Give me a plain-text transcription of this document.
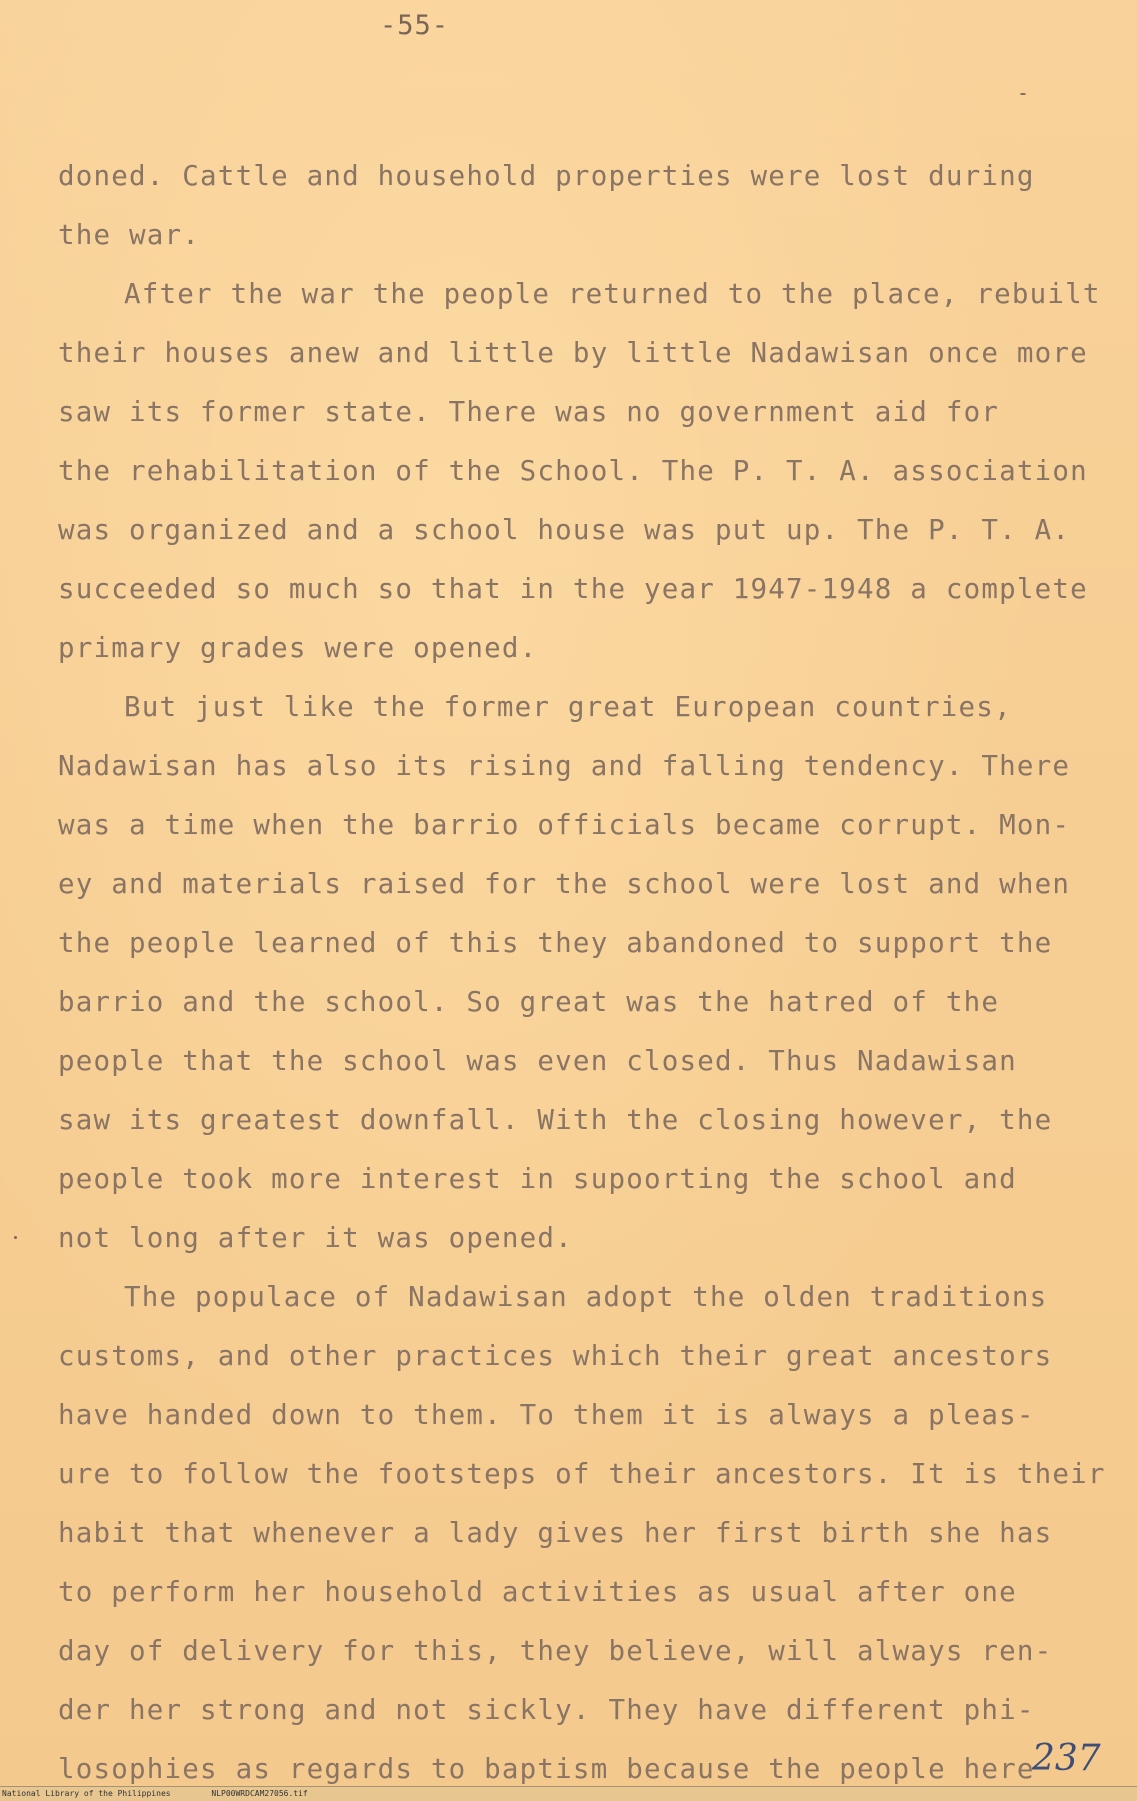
-55-
doned. Cattle and household properties were lost during
the war.
After the war the people returned to the place, rebuilt
their houses anew and little by little Nadawisan once more
saw its former state. There was no government aid for
the rehabilitation of the School. The P. T. A. association
was organized and a school house was put up. The P. T. A.
succeeded so much so that in the year 1947-1948 a complete
primary grades were opened.
But just like the former great European countries,
Nadawisan has also its rising and falling tendency. There
was a time when the barrio officials became corrupt. Mon-
ey and materials raised for the school were lost and when
the people learned of this they abandoned to support the
barrio and the school. So great was the hatred of the
people that the school was even closed. Thus Nadawisan
saw its greatest downfall. With the closing however, the
people took more interest in supoorting the school and
not long after it was opened.
The populace of Nadawisan adopt the olden traditions
customs, and other practices which their great ancestors
have handed down to them. To them it is always a pleas-
ure to follow the footsteps of their ancestors. It is their
habit that whenever a lady gives her first birth she has
to perform her household activities as usual after one
day of delivery for this, they believe, will always ren-
der her strong and not sickly. They have different phi-
losophies as regards to baptism because the people here
237
National Library of the Philippines	NLP00WRDCAM27056.tif
